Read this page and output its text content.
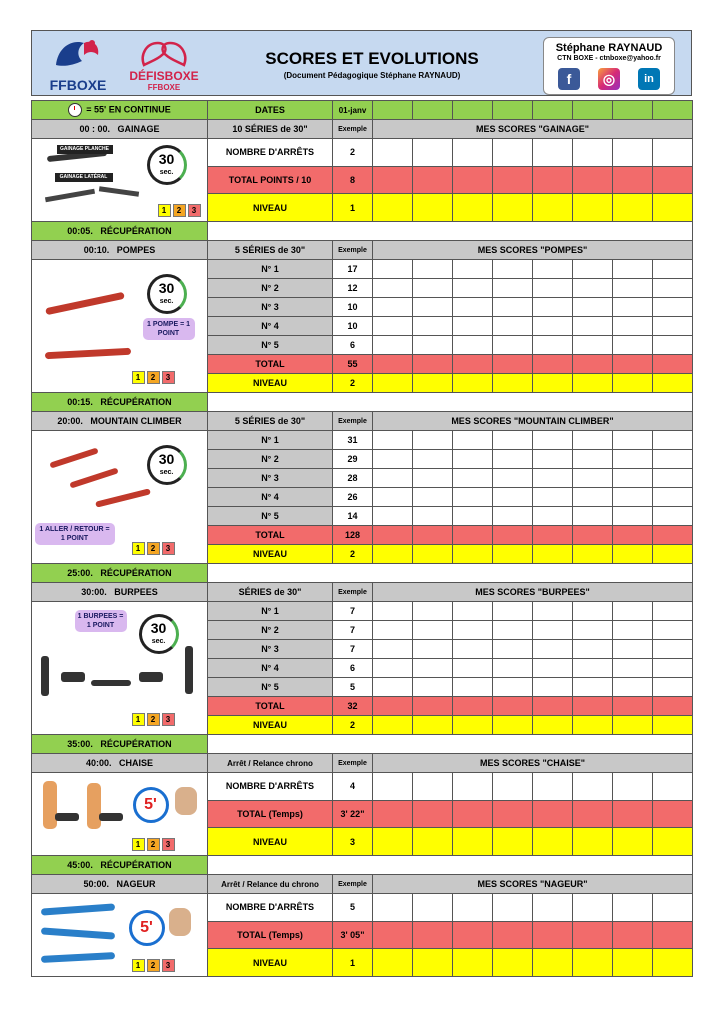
FFBOXE
DÉFISBOXE
FFBOXE
SCORES ET EVOLUTIONS
(Document Pédagogique Stéphane RAYNAUD)
Stéphane RAYNAUD
CTN BOXE - ctnboxe@yahoo.fr
f	◎	in
= 55' EN CONTINUE	DATES	01-janv								
00 : 00. GAINAGE	10 SÉRIES de 30"	Exemple	MES SCORES "GAINAGE"							

GAINAGE PLANCHE
GAINAGE LATÉRAL
30
sec.
1 2 3	NOMBRE D'ARRÊTS	2								
	TOTAL POINTS / 10	8								
	NIVEAU	1								
00:05. RÉCUPÉRATION										
00:10. POMPES	5 SÉRIES de 30"	Exemple	MES SCORES "POMPES"							

30
sec.
1 POMPE = 1 POINT
1 2 3	N° 1	17								
	N° 2	12								
	N° 3	10								
	N° 4	10								
	N° 5	6								
	TOTAL	55								
	NIVEAU	2								
00:15. RÉCUPÉRATION										
20:00. MOUNTAIN CLIMBER	5 SÉRIES de 30"	Exemple	MES SCORES "MOUNTAIN CLIMBER"							

30
sec.
1 ALLER / RETOUR = 1 POINT
1 2 3	N° 1	31								
	N° 2	29								
	N° 3	28								
	N° 4	26								
	N° 5	14								
	TOTAL	128								
	NIVEAU	2								
25:00. RÉCUPÉRATION										
30:00. BURPEES	SÉRIES de 30"	Exemple	MES SCORES "BURPEES"							

1 BURPEES = 1 POINT 30
sec.
1 2 3	N° 1	7								
	N° 2	7								
	N° 3	7								
	N° 4	6								
	N° 5	5								
	TOTAL	32								
	NIVEAU	2								
35:00. RÉCUPÉRATION										
40:00. CHAISE	Arrêt / Relance chrono	Exemple	MES SCORES "CHAISE"							

5'
1 2 3	NOMBRE D'ARRÊTS	4								
	TOTAL (Temps)	3' 22"								
	NIVEAU	3								
45:00. RÉCUPÉRATION										
50:00. NAGEUR	Arrêt / Relance du chrono	Exemple	MES SCORES "NAGEUR"							

5'
1 2 3	NOMBRE D'ARRÊTS	5								
	TOTAL (Temps)	3' 05"								
	NIVEAU	1								
